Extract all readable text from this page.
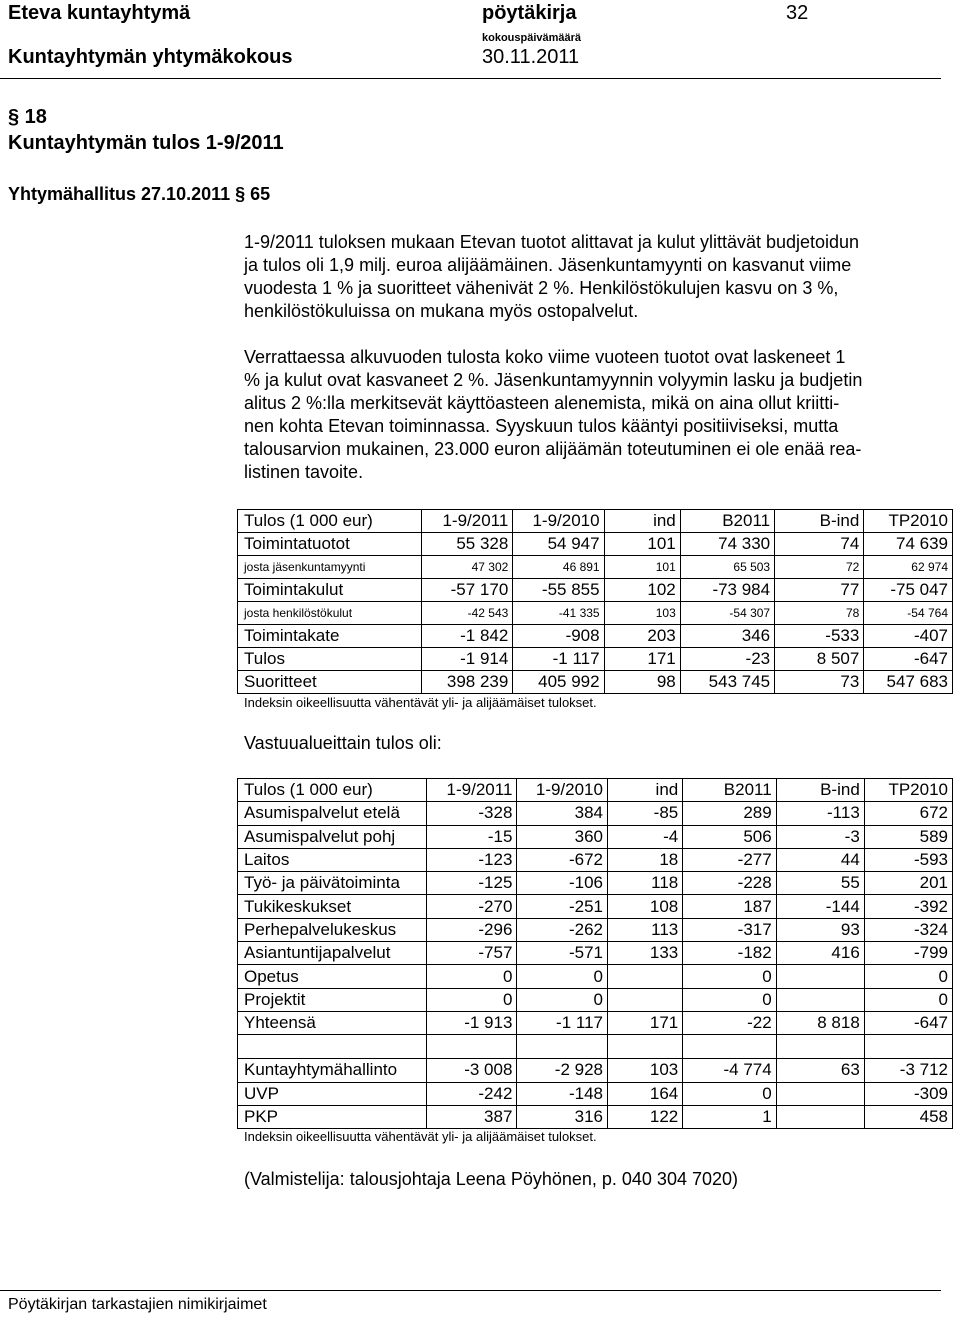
Eteva kuntayhtymä	pöytäkirja	32
Kuntayhtymän yhtymäkokous
kokouspäivämäärä
30.11.2011
§ 18
Kuntayhtymän tulos 1-9/2011
Yhtymähallitus 27.10.2011 § 65
1-9/2011 tuloksen mukaan Etevan tuotot alittavat ja kulut ylittävät budjetoidun
ja tulos oli 1,9 milj. euroa alijäämäinen. Jäsenkuntamyynti on kasvanut viime
vuodesta 1 % ja suoritteet vähenivät 2 %. Henkilöstökulujen kasvu on 3 %,
henkilöstökuluissa on mukana myös ostopalvelut.
Verrattaessa alkuvuoden tulosta koko viime vuoteen tuotot ovat laskeneet 1
% ja kulut ovat kasvaneet 2 %. Jäsenkuntamyynnin volyymin lasku ja budjetin
alitus 2 %:lla merkitsevät käyttöasteen alenemista, mikä on aina ollut kriitti-
nen kohta Etevan toiminnassa. Syyskuun tulos kääntyi positiiviseksi, mutta
talousarvion mukainen, 23.000 euron alijäämän toteutuminen ei ole enää rea-
listinen tavoite.
Tulos (1 000 eur)	1-9/2011	1-9/2010	ind	B2011	B-ind	TP2010
Toimintatuotot	55 328	54 947	101	74 330	74	74 639
josta jäsenkuntamyynti	47 302	46 891	101	65 503	72	62 974
Toimintakulut	-57 170	-55 855	102	-73 984	77	-75 047
josta henkilöstökulut	-42 543	-41 335	103	-54 307	78	-54 764
Toimintakate	-1 842	-908	203	346	-533	-407
Tulos	-1 914	-1 117	171	-23	8 507	-647
Suoritteet	398 239	405 992	98	543 745	73	547 683
Indeksin oikeellisuutta vähentävät yli- ja alijäämäiset tulokset.
Vastuualueittain tulos oli:
Tulos (1 000 eur)	1-9/2011	1-9/2010	ind	B2011	B-ind	TP2010
Asumispalvelut etelä	-328	384	-85	289	-113	672
Asumispalvelut pohj	-15	360	-4	506	-3	589
Laitos	-123	-672	18	-277	44	-593
Työ- ja päivätoiminta	-125	-106	118	-228	55	201
Tukikeskukset	-270	-251	108	187	-144	-392
Perhepalvelukeskus	-296	-262	113	-317	93	-324
Asiantuntijapalvelut	-757	-571	133	-182	416	-799
Opetus	0	0		0		0
Projektit	0	0		0		0
Yhteensä	-1 913	-1 117	171	-22	8 818	-647

Kuntayhtymähallinto	-3 008	-2 928	103	-4 774	63	-3 712
UVP	-242	-148	164	0		-309
PKP	387	316	122	1		458
Indeksin oikeellisuutta vähentävät yli- ja alijäämäiset tulokset.
(Valmistelija: talousjohtaja Leena Pöyhönen, p. 040 304 7020)
Pöytäkirjan tarkastajien nimikirjaimet
